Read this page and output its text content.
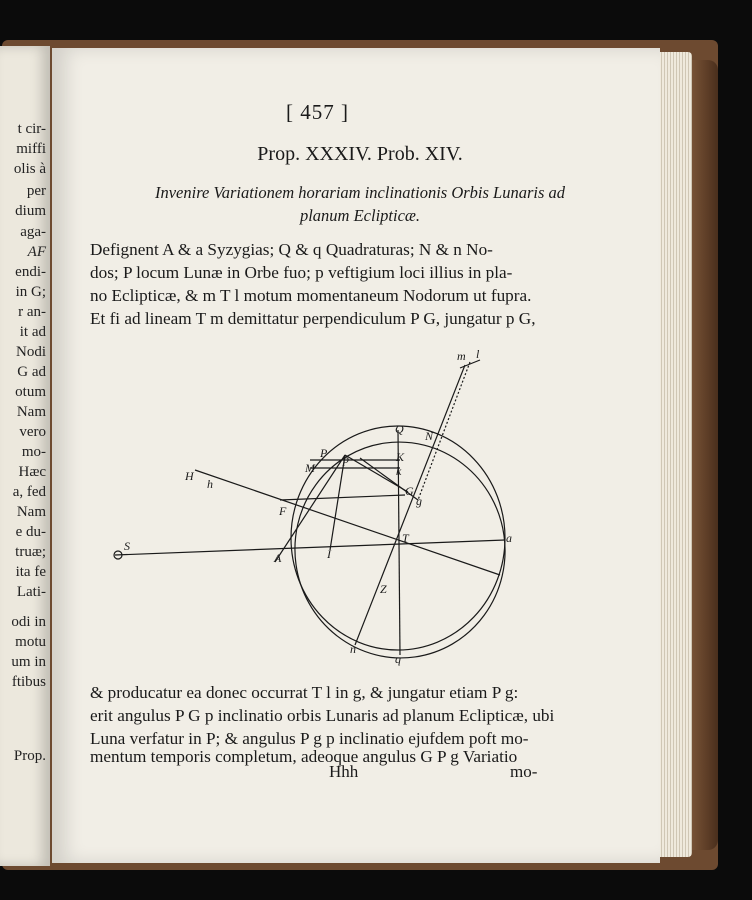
t cir-
miffi
olis à
per
dium
aga-
AF
endi-
in G;
r an-
it ad
Nodi
G ad
otum
Nam
vero
mo-
Hæc
a, fed
Nam
e du-
truæ;
ita fe
Lati-
odi in
motu
um in
ftibus
Prop.
[ 457 ]
Prop. XXXIV. Prob. XIV.
Invenire Variationem horariam inclinationis Orbis Lunaris ad
planum Eclipticæ.
Defignent A & a Syzygias; Q & q Quadraturas; N & n No-
dos; P locum Lunæ in Orbe fuo; p veftigium loci illius in pla-
no Eclipticæ, & m T l motum momentaneum Nodorum ut fupra.
Et fi ad lineam T m demittatur perpendiculum P G, jungatur p G,
m l
Q N
P p
M
K
k
H
h	G
g
F
S
A	I
T	a
Z
n
q
& producatur ea donec occurrat T l in g, & jungatur etiam P g:
erit angulus P G p inclinatio orbis Lunaris ad planum Eclipticæ, ubi
Luna verfatur in P; & angulus P g p inclinatio ejufdem poft mo-
mentum temporis completum, adeoque angulus G P g Variatio
Hhh	mo-
